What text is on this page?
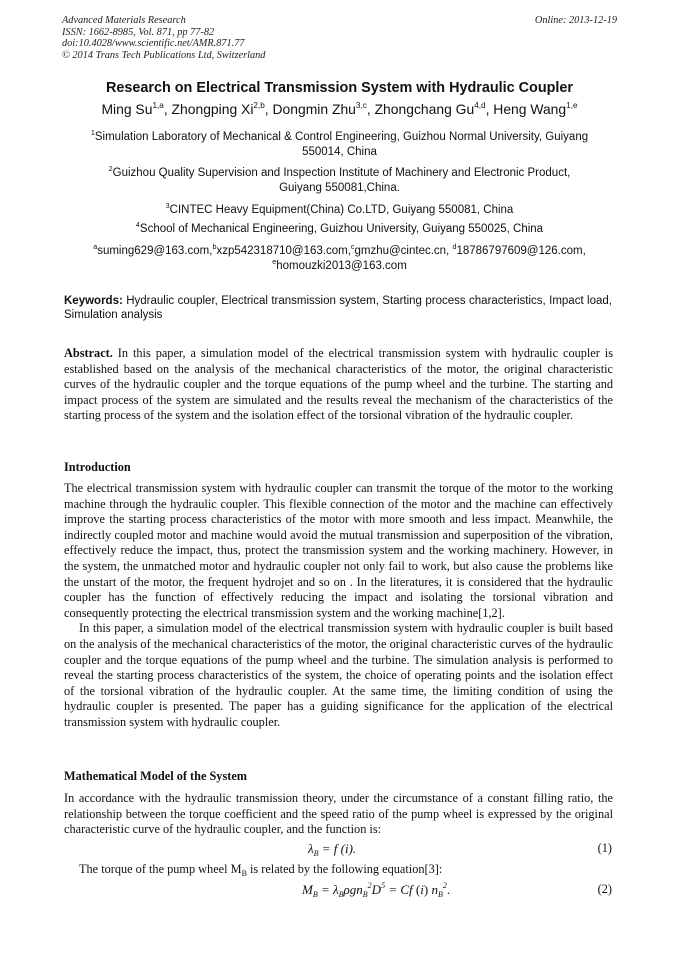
Advanced Materials Research
ISSN: 1662-8985, Vol. 871, pp 77-82
doi:10.4028/www.scientific.net/AMR.871.77
© 2014 Trans Tech Publications Ltd, Switzerland
Online: 2013-12-19
Research on Electrical Transmission System with Hydraulic Coupler
Ming Su$^{1,a}$, Zhongping Xi$^{2,b}$, Dongmin Zhu$^{3,c}$, Zhongchang Gu$^{4,d}$, Heng Wang$^{1,e}$
$^1$Simulation Laboratory of Mechanical & Control Engineering, Guizhou Normal University, Guiyang
550014, China
$^2$Guizhou Quality Supervision and Inspection Institute of Machinery and Electronic Product,
Guiyang 550081,China.
$^3$CINTEC Heavy Equipment(China) Co.LTD, Guiyang 550081, China
$^4$School of Mechanical Engineering, Guizhou University, Guiyang 550025, China
$^a$suming629@163.com,$^b$xzp542318710@163.com,$^c$gmzhu@cintec.cn, $^d$18786797609@126.com,
$^e$homouzki2013@163.com
Keywords: Hydraulic coupler, Electrical transmission system, Starting process characteristics, Impact load, Simulation analysis
Abstract. In this paper, a simulation model of the electrical transmission system with hydraulic coupler is established based on the analysis of the mechanical characteristics of the motor, the original characteristic curves of the hydraulic coupler and the torque equations of the pump wheel and the turbine. The starting and impact process of the system are simulated and the results reveal the mechanism of the characteristics of the starting process of the system and the isolation effect of the torsional vibration of the hydraulic coupler.
Introduction

The electrical transmission system with hydraulic coupler can transmit the torque of the motor to the working machine through the hydraulic coupler. This flexible connection of the motor and the machine can effectively improve the starting process characteristics of the motor with more smooth and less impact. Meanwhile, the indirectly coupled motor and machine would avoid the mutual transmission and superposition of the vibration, effectively reduce the impact, thus, protect the transmission system and the working machinery. However, in the system, the unmatched motor and hydraulic coupler not only fail to work, but also cause the problems like the unstart of the motor, the frequent hydrojet and so on . In the literatures, it is considered that the hydraulic coupler has the function of effectively reducing the impact and isolating the torsional vibration and consequently protecting the electrical transmission system and the working machine[1,2].

In this paper, a simulation model of the electrical transmission system with hydraulic coupler is built based on the analysis of the mechanical characteristics of the motor, the original characteristic curves of the hydraulic coupler and the torque equations of the pump wheel and the turbine. The simulation analysis is performed to reveal the starting process characteristics of the system, the choice of operating points and the isolation effect of the torsional vibration of the hydraulic coupler. At the same time, the limiting condition of using the hydraulic coupler is presented. The paper has a guiding significance for the application of the electrical transmission system with hydraulic coupler.

Mathematical Model of the System

In accordance with the hydraulic transmission theory, under the circumstance of a constant filling ratio, the relationship between the torque coefficient and the speed ratio of the pump wheel is expressed by the original characteristic curve of the hydraulic coupler, and the function is:

$\lambda_B = f$ (i).	(1)

The torque of the pump wheel $M_B$ is related by the following equation[3]:

$M_B = \lambda_B\rho gn_B^2D^5 = Cf$ (i) $n_B^2$.	(2)
